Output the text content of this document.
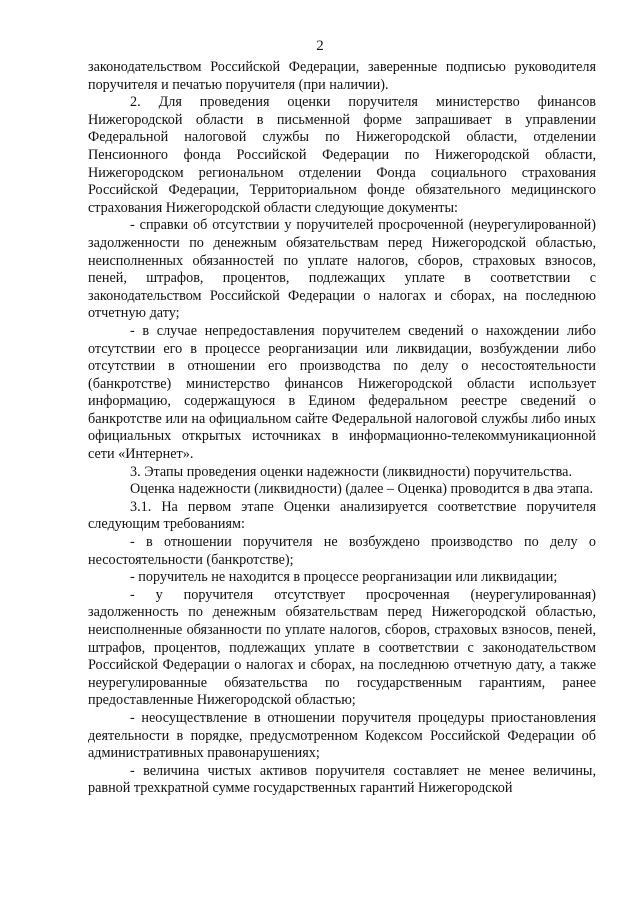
2

законодательством Российской Федерации, заверенные подписью руководителя поручителя и печатью поручителя (при наличии).

2. Для проведения оценки поручителя министерство финансов Нижегородской области в письменной форме запрашивает в управлении Федеральной налоговой службы по Нижегородской области, отделении Пенсионного фонда Российской Федерации по Нижегородской области, Нижегородском региональном отделении Фонда социального страхования Российской Федерации, Территориальном фонде обязательного медицинского страхования Нижегородской области следующие документы:

- справки об отсутствии у поручителей просроченной (неурегулированной) задолженности по денежным обязательствам перед Нижегородской областью, неисполненных обязанностей по уплате налогов, сборов, страховых взносов, пеней, штрафов, процентов, подлежащих уплате в соответствии с законодательством Российской Федерации о налогах и сборах, на последнюю отчетную дату;

- в случае непредоставления поручителем сведений о нахождении либо отсутствии его в процессе реорганизации или ликвидации, возбуждении либо отсутствии в отношении его производства по делу о несостоятельности (банкротстве) министерство финансов Нижегородской области использует информацию, содержащуюся в Едином федеральном реестре сведений о банкротстве или на официальном сайте Федеральной налоговой службы либо иных официальных открытых источниках в информационно-телекоммуникационной сети «Интернет».

3. Этапы проведения оценки надежности (ликвидности) поручительства.

Оценка надежности (ликвидности) (далее – Оценка) проводится в два этапа.

3.1. На первом этапе Оценки анализируется соответствие поручителя следующим требованиям:

- в отношении поручителя не возбуждено производство по делу о несостоятельности (банкротстве);

- поручитель не находится в процессе реорганизации или ликвидации;

- у поручителя отсутствует просроченная (неурегулированная) задолженность по денежным обязательствам перед Нижегородской областью, неисполненные обязанности по уплате налогов, сборов, страховых взносов, пеней, штрафов, процентов, подлежащих уплате в соответствии с законодательством Российской Федерации о налогах и сборах, на последнюю отчетную дату, а также неурегулированные обязательства по государственным гарантиям, ранее предоставленные Нижегородской областью;

- неосуществление в отношении поручителя процедуры приостановления деятельности в порядке, предусмотренном Кодексом Российской Федерации об административных правонарушениях;

- величина чистых активов поручителя составляет не менее величины, равной трехкратной сумме государственных гарантий Нижегородской
